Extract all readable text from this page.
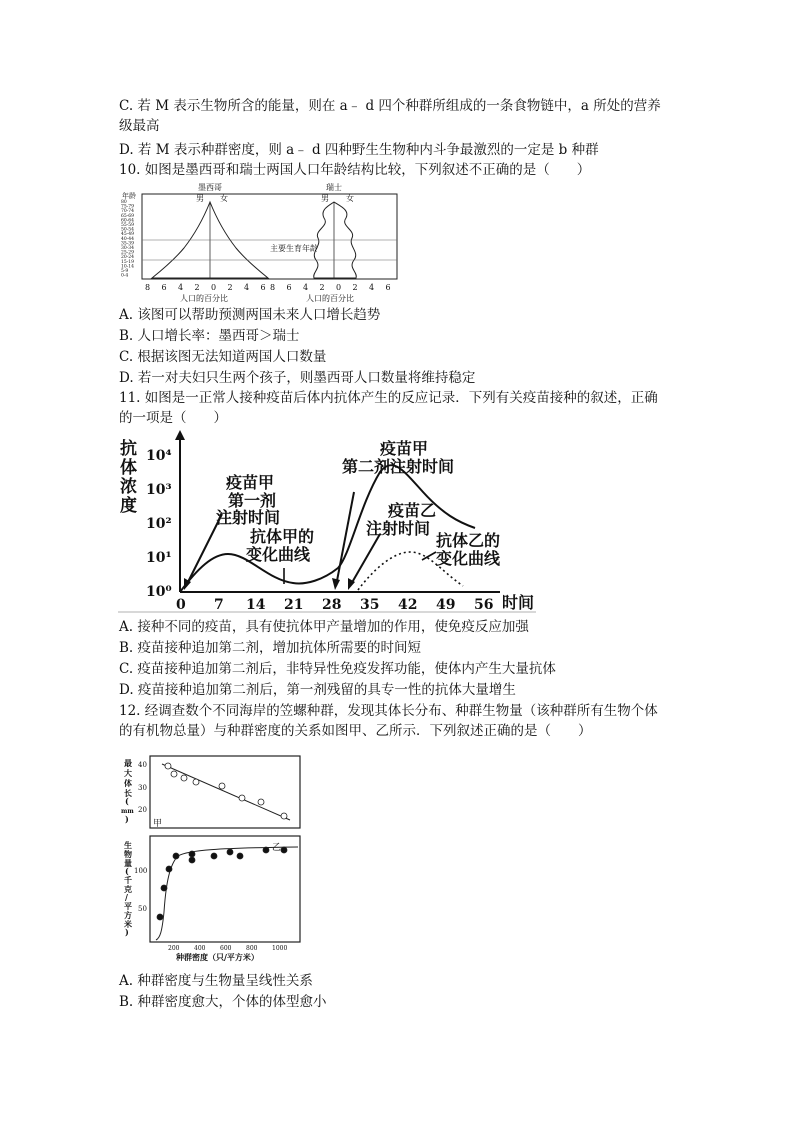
C. 若 M 表示生物所含的能量，则在 a﹣ d 四个种群所组成的一条食物链中，a 所处的营养
级最高
D. 若 M 表示种群密度，则 a﹣ d 四种野生生物种内斗争最激烈的一定是 b 种群
10. 如图是墨西哥和瑞士两国人口年龄结构比较，下列叙述不正确的是（　　）
年龄
80
75-79
70-74
65-69
60-64
55-59
50-54
45-49
40-44
35-39
30-34
25-29
20-24
15-19
10-14
5-9
0-4
墨西哥
男 女
瑞士
男 女
主要生育年龄
8 6 4 2 0 2 4 6 8 6 4 2 0 2 4 6
人口的百分比	人口的百分比
A. 该图可以帮助预测两国未来人口增长趋势
B. 人口增长率：墨西哥＞瑞士
C. 根据该图无法知道两国人口数量
D. 若一对夫妇只生两个孩子，则墨西哥人口数量将维持稳定
11. 如图是一正常人接种疫苗后体内抗体产生的反应记录．下列有关疫苗接种的叙述，正确
的一项是（　　）
抗
体
浓
度
10⁰
10¹
10²
10³
10⁴
0 7 14 21 28 35 42 49 56 时间
疫苗甲
第一剂
注射时间
抗体甲的
变化曲线
疫苗甲
第二剂注射时间
疫苗乙
注射时间
抗体乙的
变化曲线
A. 接种不同的疫苗，具有使抗体甲产量增加的作用，使免疫反应加强
B. 疫苗接种追加第二剂，增加抗体所需要的时间短
C. 疫苗接种追加第二剂后，非特异性免疫发挥功能，使体内产生大量抗体
D. 疫苗接种追加第二剂后，第一剂残留的具专一性的抗体大量增生
12. 经调查数个不同海岸的笠螺种群，发现其体长分布、种群生物量（该种群所有生物个体
的有机物总量）与种群密度的关系如图甲、乙所示．下列叙述正确的是（　　）
最
大
体
长
(
mm
)
40
30
20
甲
生
物
量
(
千
克
/
平
方
米
)
100
50
乙
200 400 600 800 1000
种群密度（只/平方米）
A. 种群密度与生物量呈线性关系
B. 种群密度愈大，个体的体型愈小
